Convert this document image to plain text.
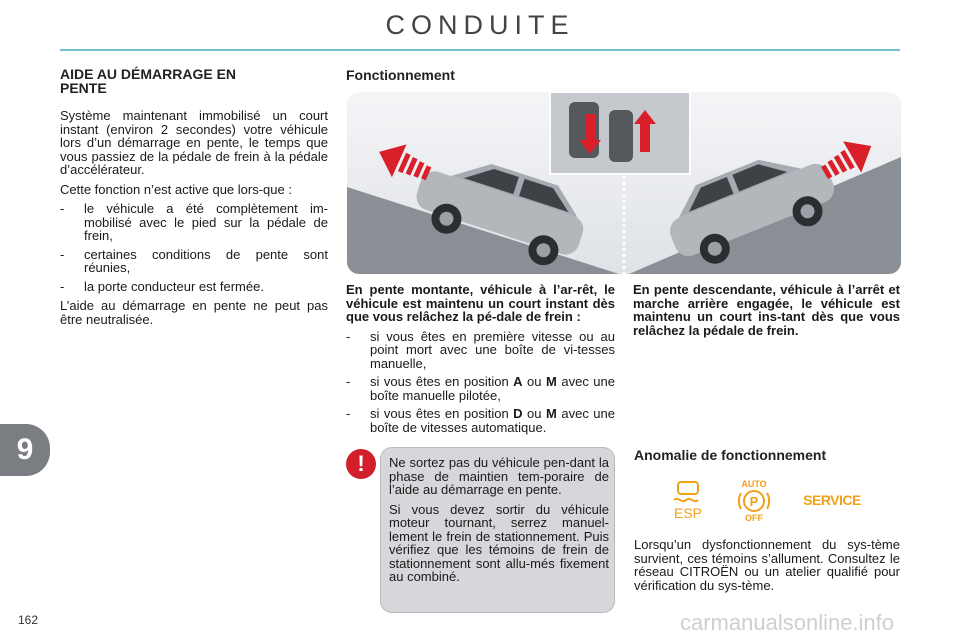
CONDUITE
AIDE AU DÉMARRAGE EN
PENTE

Système maintenant immobilisé un court instant (environ 2 secondes) votre véhicule lors d’un démarrage en pente, le temps que vous passiez de la pédale de frein à la pédale d’accélérateur.

Cette fonction n’est active que lors-que :

- le véhicule a été complètement im-mobilisé avec le pied sur la pédale de frein,
- certaines conditions de pente sont réunies,
- la porte conducteur est fermée.

L’aide au démarrage en pente ne peut pas être neutralisée.

Fonctionnement

En pente montante, véhicule à l’ar-rêt, le véhicule est maintenu un court instant dès que vous relâchez la pé-dale de frein :

- si vous êtes en première vitesse ou au point mort avec une boîte de vi-tesses manuelle,
- si vous êtes en position A ou M avec une boîte manuelle pilotée,
- si vous êtes en position D ou M avec une boîte de vitesses automatique.
En pente descendante, véhicule à l’arrêt et marche arrière engagée, le véhicule est maintenu un court ins-tant dès que vous relâchez la pédale de frein.
!	Ne sortez pas du véhicule pen-dant la phase de maintien tem-poraire de l’aide au démarrage en pente.

Si vous devez sortir du véhicule moteur tournant, serrez manuel-lement le frein de stationnement. Puis vérifiez que les témoins de frein de stationnement sont allu-més fixement au combiné.

Anomalie de fonctionnement
ESP
AUTO
P
OFF
SERVICE
Lorsqu’un dysfonctionnement du sys-tème survient, ces témoins s’allument. Consultez le réseau CITROËN ou un atelier qualifié pour vérification du sys-tème.
9
162	carmanualsonline.info
